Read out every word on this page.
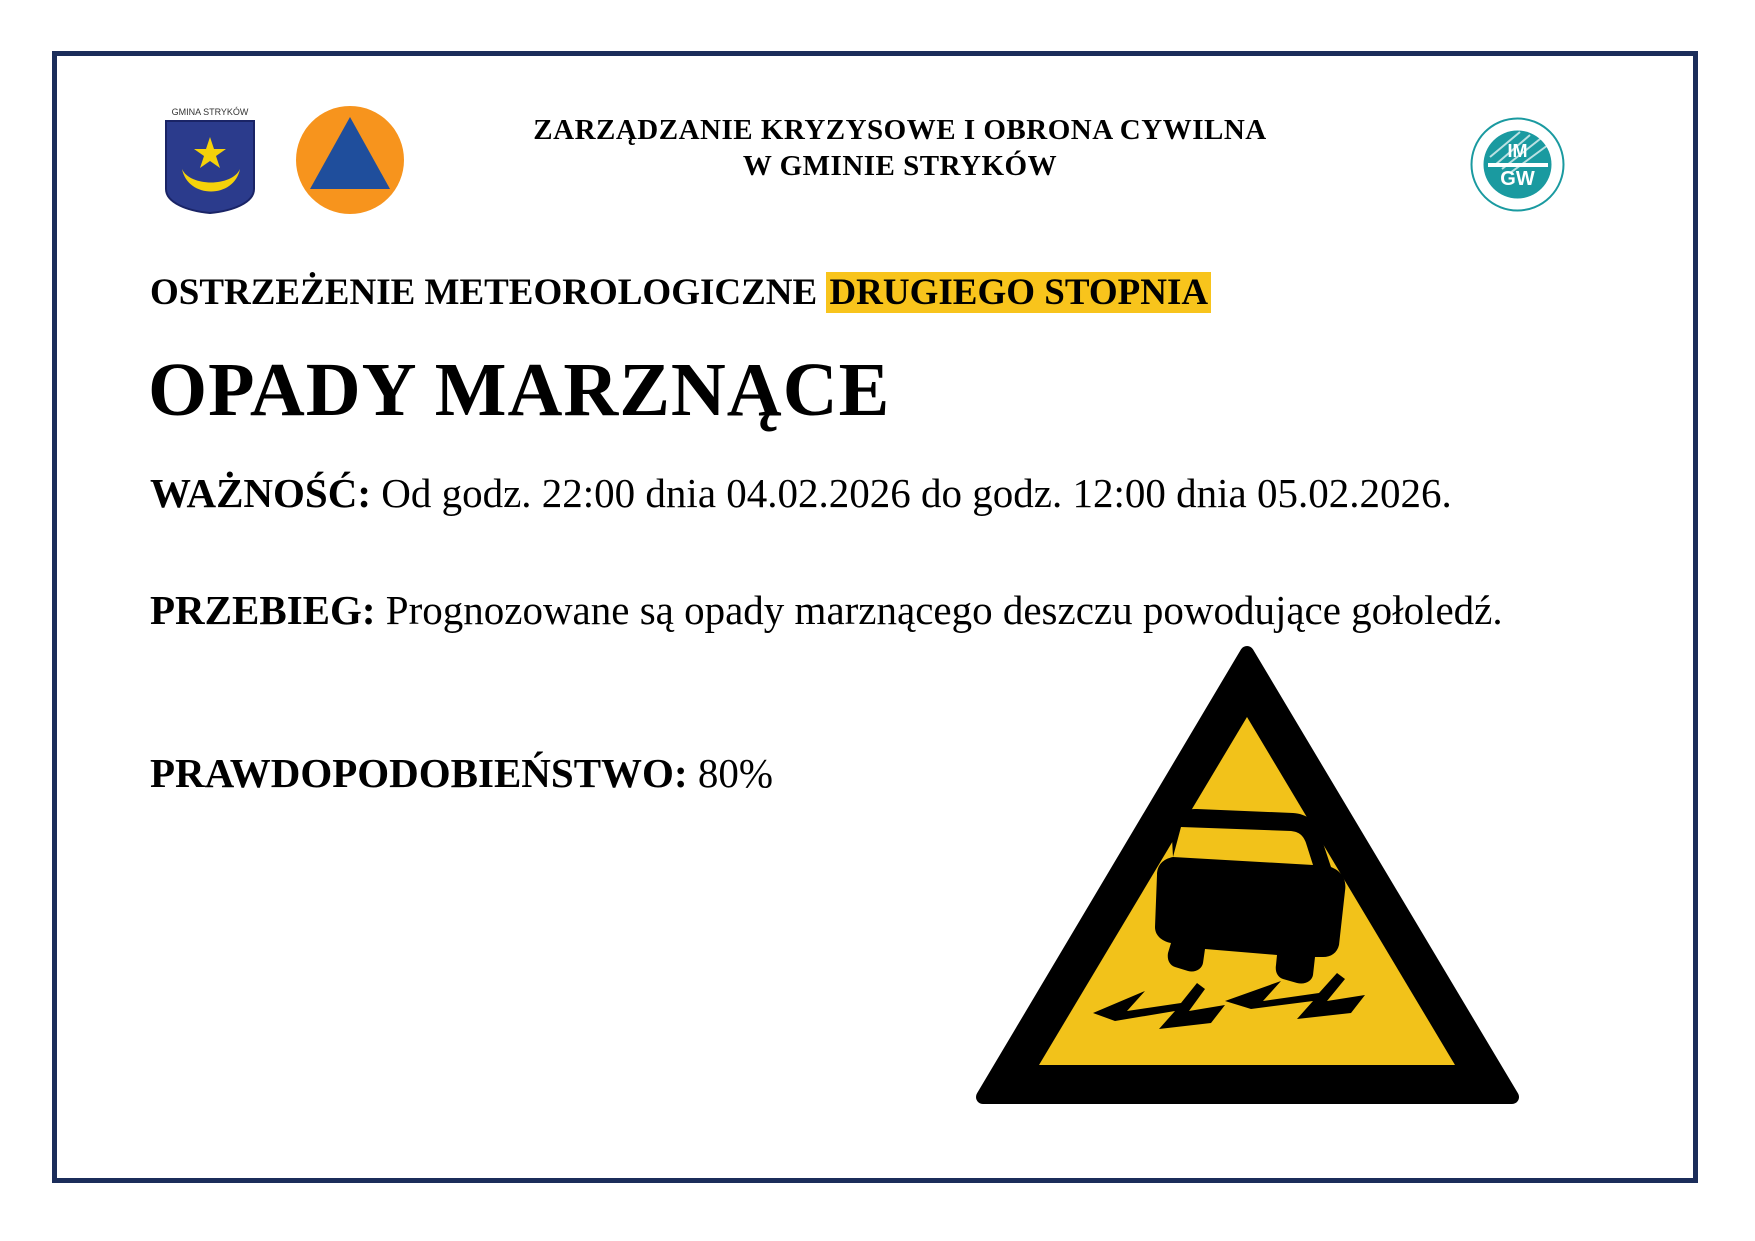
GMINA STRYKÓW
ZARZĄDZANIE KRYZYSOWE I OBRONA CYWILNA
W GMINIE STRYKÓW	IM
GW
OSTRZEŻENIE METEOROLOGICZNE DRUGIEGO STOPNIA
OPADY MARZNĄCE
WAŻNOŚĆ: Od godz. 22:00 dnia 04.02.2026 do godz. 12:00 dnia 05.02.2026.
PRZEBIEG: Prognozowane są opady marznącego deszczu powodujące gołoledź.
PRAWDOPODOBIEŃSTWO: 80%
